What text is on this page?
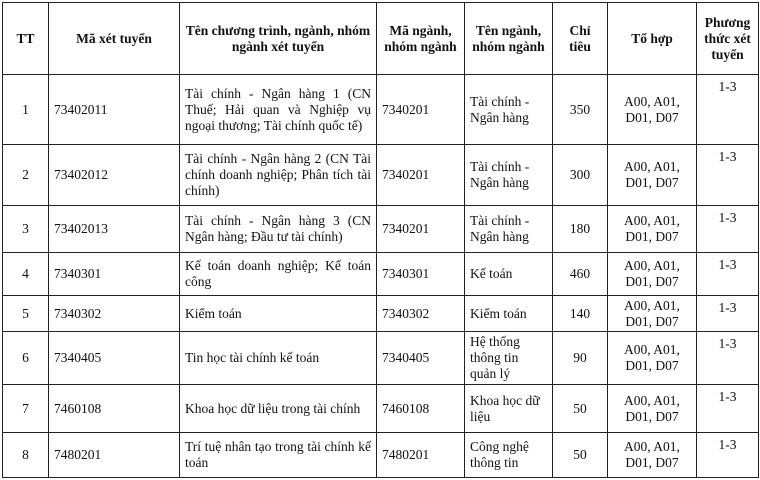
TT	Mã xét tuyển	Tên chương trình, ngành, nhóm ngành xét tuyển	Mã ngành, nhóm ngành	Tên ngành, nhóm ngành	Chỉ tiêu	Tổ hợp	Phương thức xét tuyển
1	73402011	Tài chính - Ngân hàng 1 (CN Thuế; Hải quan và Nghiệp vụ ngoại thương; Tài chính quốc tế)	7340201	Tài chính - Ngân hàng	350	A00, A01, D01, D07	1-3
2	73402012	Tài chính - Ngân hàng 2 (CN Tài chính doanh nghiệp; Phân tích tài chính)	7340201	Tài chính - Ngân hàng	300	A00, A01, D01, D07	1-3
3	73402013	Tài chính - Ngân hàng 3 (CN Ngân hàng; Đầu tư tài chính)	7340201	Tài chính - Ngân hàng	180	A00, A01, D01, D07	1-3
4	7340301	Kế toán doanh nghiệp; Kế toán công	7340301	Kế toán	460	A00, A01, D01, D07	1-3
5	7340302	Kiểm toán	7340302	Kiểm toán	140	A00, A01, D01, D07	1-3
6	7340405	Tin học tài chính kế toán	7340405	Hệ thống thông tin quản lý	90	A00, A01, D01, D07	1-3
7	7460108	Khoa học dữ liệu trong tài chính	7460108	Khoa học dữ liệu	50	A00, A01, D01, D07	1-3
8	7480201	Trí tuệ nhân tạo trong tài chính kế toán	7480201	Công nghệ thông tin	50	A00, A01, D01, D07	1-3
